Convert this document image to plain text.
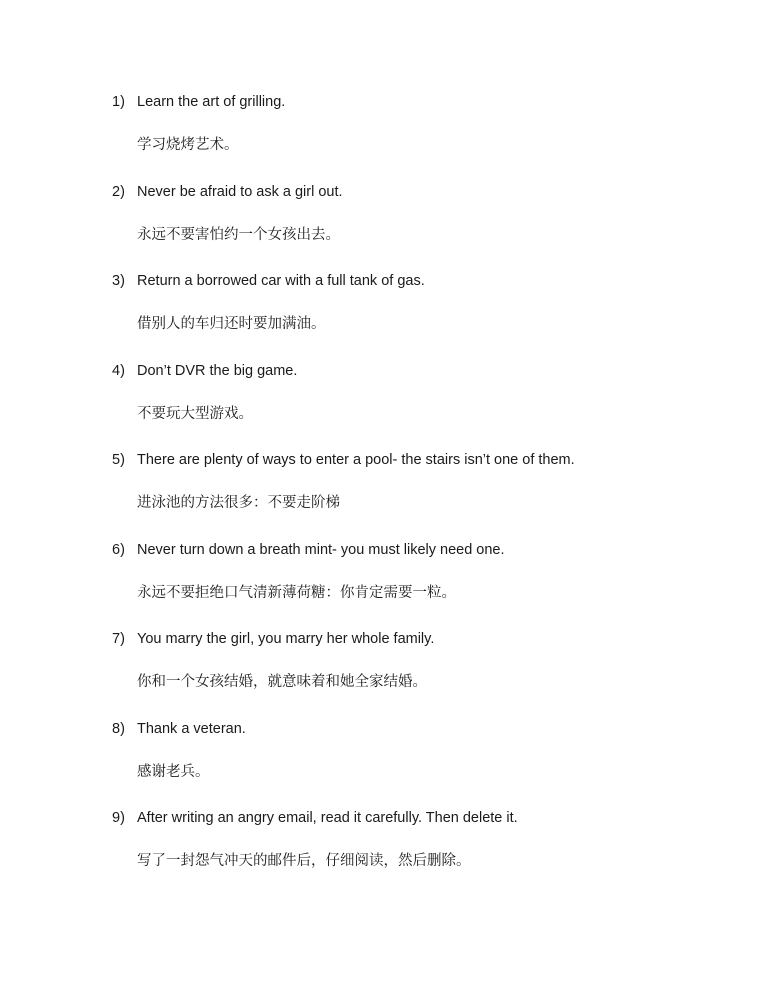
1) Learn the art of grilling.
学习烧烤艺术。
2) Never be afraid to ask a girl out.
永远不要害怕约一个女孩出去。
3) Return a borrowed car with a full tank of gas.
借别人的车归还时要加满油。
4) Don’t DVR the big game.
不要玩大型游戏。
5) There are plenty of ways to enter a pool- the stairs isn’t one of them.
进泳池的方法很多：不要走阶梯
6) Never turn down a breath mint- you must likely need one.
永远不要拒绝口气清新薄荷糖：你肯定需要一粒。
7) You marry the girl, you marry her whole family.
你和一个女孩结婚，就意味着和她全家结婚。
8) Thank a veteran.
感谢老兵。
9) After writing an angry email, read it carefully. Then delete it.
写了一封怨气冲天的邮件后，仔细阅读，然后删除。
